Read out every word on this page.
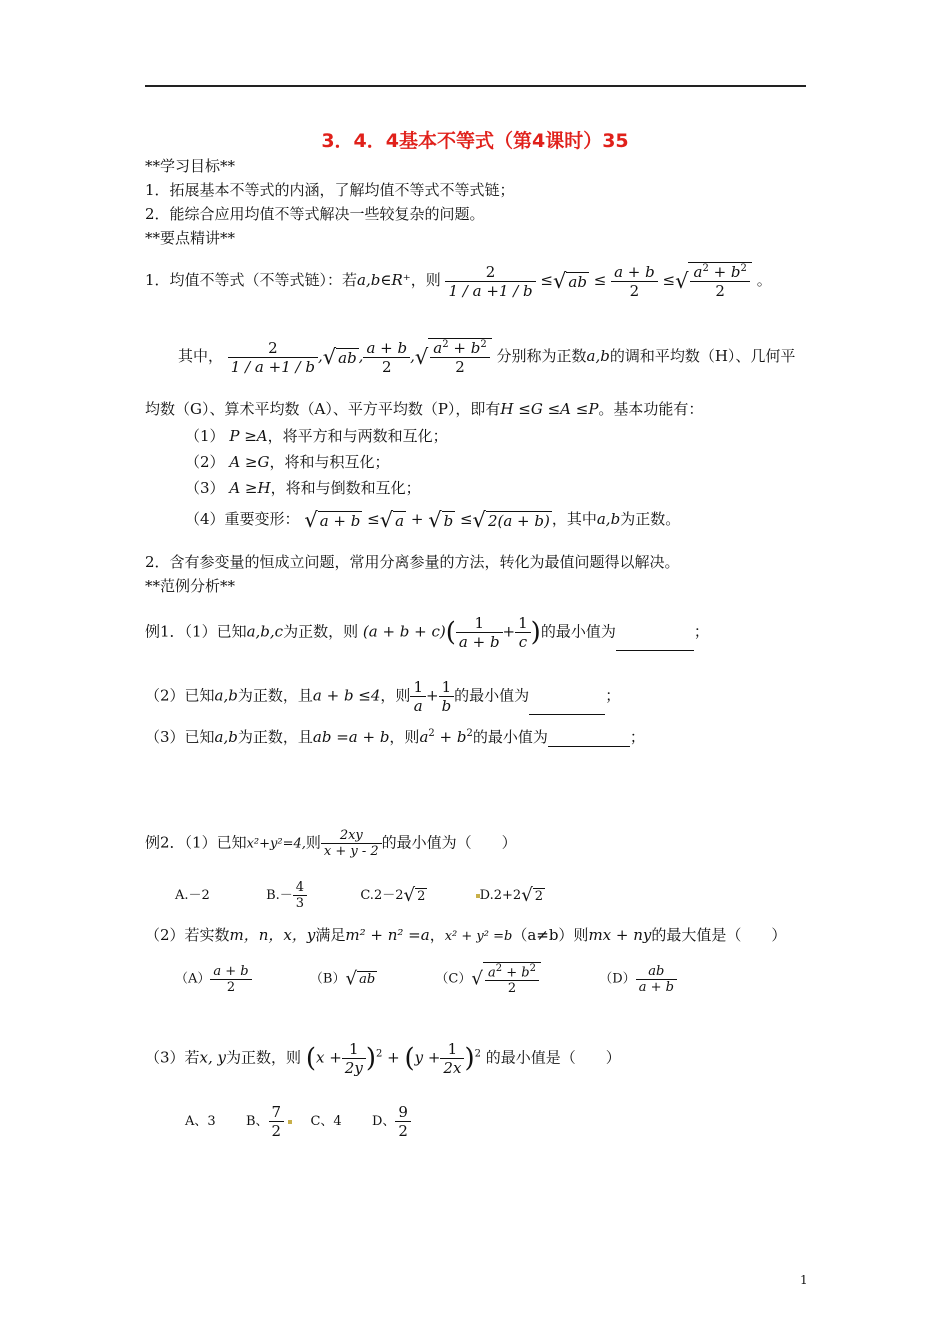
3．4．4基本不等式（第4课时）35
**学习目标**
1．拓展基本不等式的内涵，了解均值不等式不等式链；
2．能综合应用均值不等式解决一些较复杂的问题。
**要点精讲**
1．均值不等式（不等式链）：若a,b∈R⁺，则 $\frac{2}{1 / a +1 / b}$ ≤√ ab ≤ $\frac{a + b}{2}$ ≤√ $\frac{a^2 + b^2}{2}$ 。
其中， $\frac{2}{1 / a +1 / b}$ ,√ ab , $\frac{a + b}{2}$ ,√ $\frac{a^2 + b^2}{2}$ 分别称为正数a,b的调和平均数（H）、几何平
均数（G）、算术平均数（A）、平方平均数（P），即有H ≤G ≤A ≤P。基本功能有：
（1） P ≥A，将平方和与两数和互化；
（2） A ≥G，将和与积互化；
（3） A ≥H，将和与倒数和互化；
（4）重要变形： √ a + b ≤√ a + √ b ≤√ 2(a + b) ，其中a,b为正数。
2．含有参变量的恒成立问题，常用分离参量的方法，转化为最值问题得以解决。
**范例分析**
例1．（1）已知a,b,c为正数，则 $(a + b + c)( \frac{1}{a + b} + \frac{1}{c}$ )的最小值为	；
（2）已知a,b为正数，且a + b ≤4，则 $\frac{1}{a} + \frac{1}{b}$ 的最小值为	；
（3）已知a,b为正数，且ab =a + b，则$a^2 + b^2$的最小值为	；
例2．（1）已知x²+y²=4,则 $\frac{2xy}{x + y - 2}$ 的最小值为（　　）
A.－2	$B.- \frac{4}{3}$	C.2－2√ 2	D.2+2√ 2
（2）若实数m，n，x，y满足m² + n² =a，x² + y² =b（a≠b）则mx + ny的最大值是（　　）
$(A) \frac{a + b}{2}$	（B）√ ab	$(C)√ \frac{a^2 + b^2}{2}$	$(D) \frac{ab}{a + b}$
（3）若x, y为正数，则 $(x + \frac{1}{2y} )^2 + (y + \frac{1}{2x} )^2$ 的最小值是（　　）
A、3 B、 $\frac{7}{2}$ C、4 D、 $\frac{9}{2}$
1
